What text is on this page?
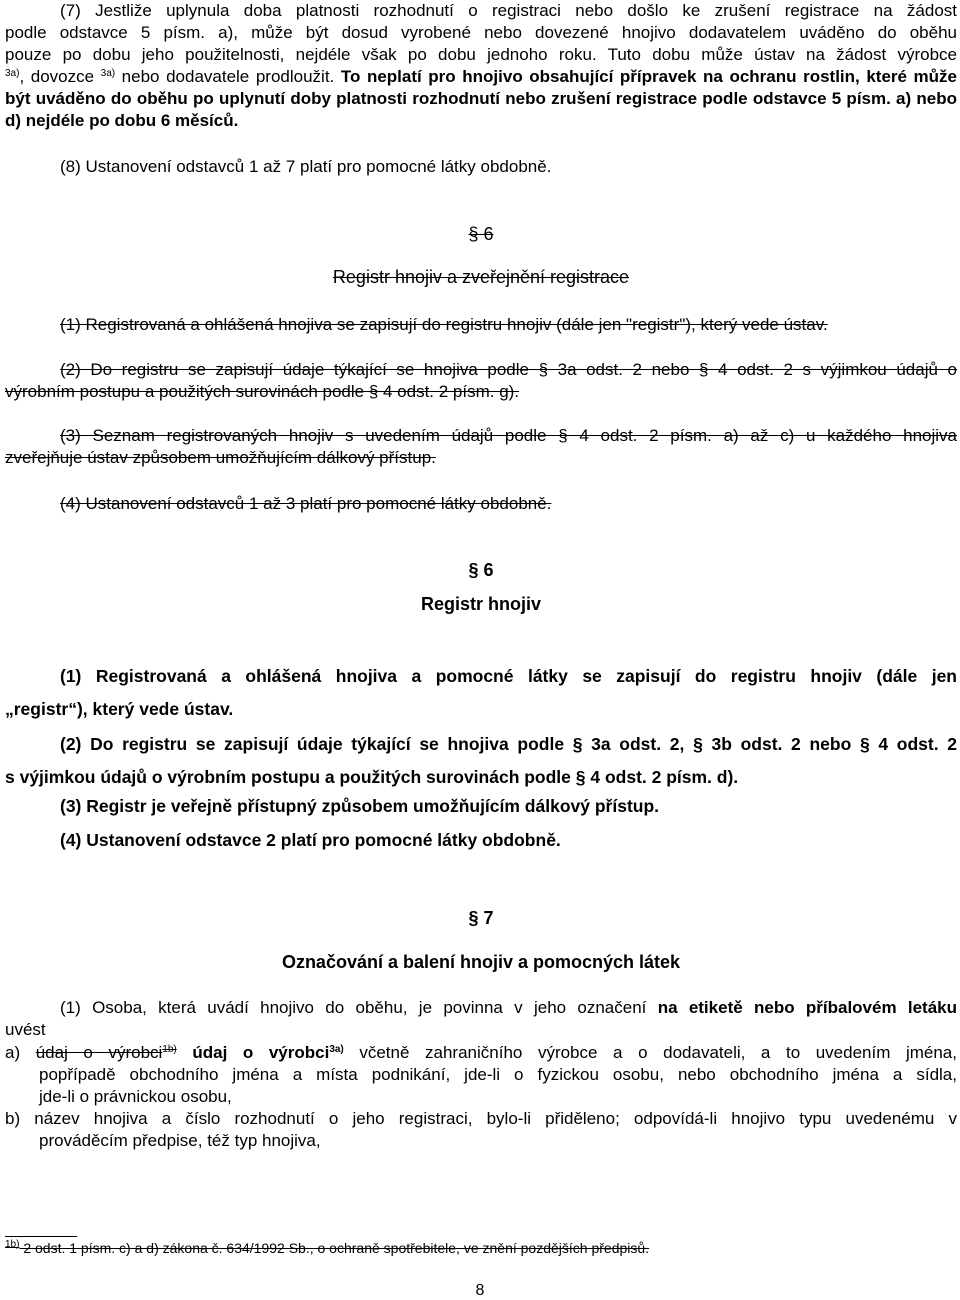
(7) Jestliže uplynula doba platnosti rozhodnutí o registraci nebo došlo ke zrušení registrace na žádost

podle odstavce 5 písm. a), může být dosud vyrobené nebo dovezené hnojivo dodavatelem uváděno do oběhu

pouze po dobu jeho použitelnosti, nejdéle však po dobu jednoho roku. Tuto dobu může ústav na žádost výrobce

$^{3a)}$, dovozce $^{3a)}$ nebo dodavatele prodloužit. To neplatí pro hnojivo obsahující přípravek na ochranu rostlin, které může být uváděno do oběhu po uplynutí doby platnosti rozhodnutí nebo zrušení registrace podle odstavce 5 písm. a) nebo d) nejdéle po dobu 6 měsíců.

(8) Ustanovení odstavců 1 až 7 platí pro pomocné látky obdobně.

§ 6
Registr hnojiv a zveřejnění registrace

(1) Registrovaná a ohlášená hnojiva se zapisují do registru hnojiv (dále jen "registr"), který vede ústav.

(2) Do registru se zapisují údaje týkající se hnojiva podle § 3a odst. 2 nebo § 4 odst. 2 s výjimkou údajů o

výrobním postupu a použitých surovinách podle § 4 odst. 2 písm. g).

(3) Seznam registrovaných hnojiv s uvedením údajů podle § 4 odst. 2 písm. a) až c) u každého hnojiva

zveřejňuje ústav způsobem umožňujícím dálkový přístup.

(4) Ustanovení odstavců 1 až 3 platí pro pomocné látky obdobně.

§ 6
Registr hnojiv

(1) Registrovaná a ohlášená hnojiva a pomocné látky se zapisují do registru hnojiv (dále jen

„registr“), který vede ústav.

(2) Do registru se zapisují údaje týkající se hnojiva podle § 3a odst. 2, § 3b odst. 2 nebo § 4 odst. 2

s výjimkou údajů o výrobním postupu a použitých surovinách podle § 4 odst. 2 písm. d).

(3) Registr je veřejně přístupný způsobem umožňujícím dálkový přístup.

(4) Ustanovení odstavce 2 platí pro pomocné látky obdobně.

§ 7
Označování a balení hnojiv a pomocných látek

(1) Osoba, která uvádí hnojivo do oběhu, je povinna v jeho označení na etiketě nebo příbalovém letáku

uvést

a) údaj o výrobci$^{1b)}$ údaj o výrobci$^{3a)}$ včetně zahraničního výrobce a o dodavateli, a to uvedením jména,

popřípadě obchodního jména a místa podnikání, jde-li o fyzickou osobu, nebo obchodního jména a sídla,

jde-li o právnickou osobu,

b) název hnojiva a číslo rozhodnutí o jeho registraci, bylo-li přiděleno; odpovídá-li hnojivo typu uvedenému v

prováděcím předpise, též typ hnojiva,

$^{1b)}$ 2 odst. 1 písm. c) a d) zákona č. 634/1992 Sb., o ochraně spotřebitele, ve znění pozdějších předpisů.
8
